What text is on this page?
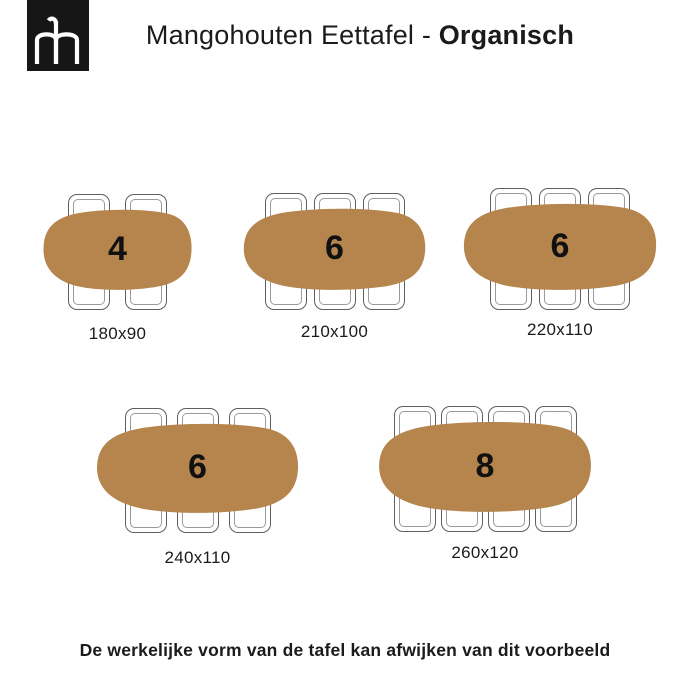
Mangohouten Eettafel - Organisch
4
180x90
6
210x100
6
220x110
6
240x110
8
260x120
De werkelijke vorm van de tafel kan afwijken van dit voorbeeld
